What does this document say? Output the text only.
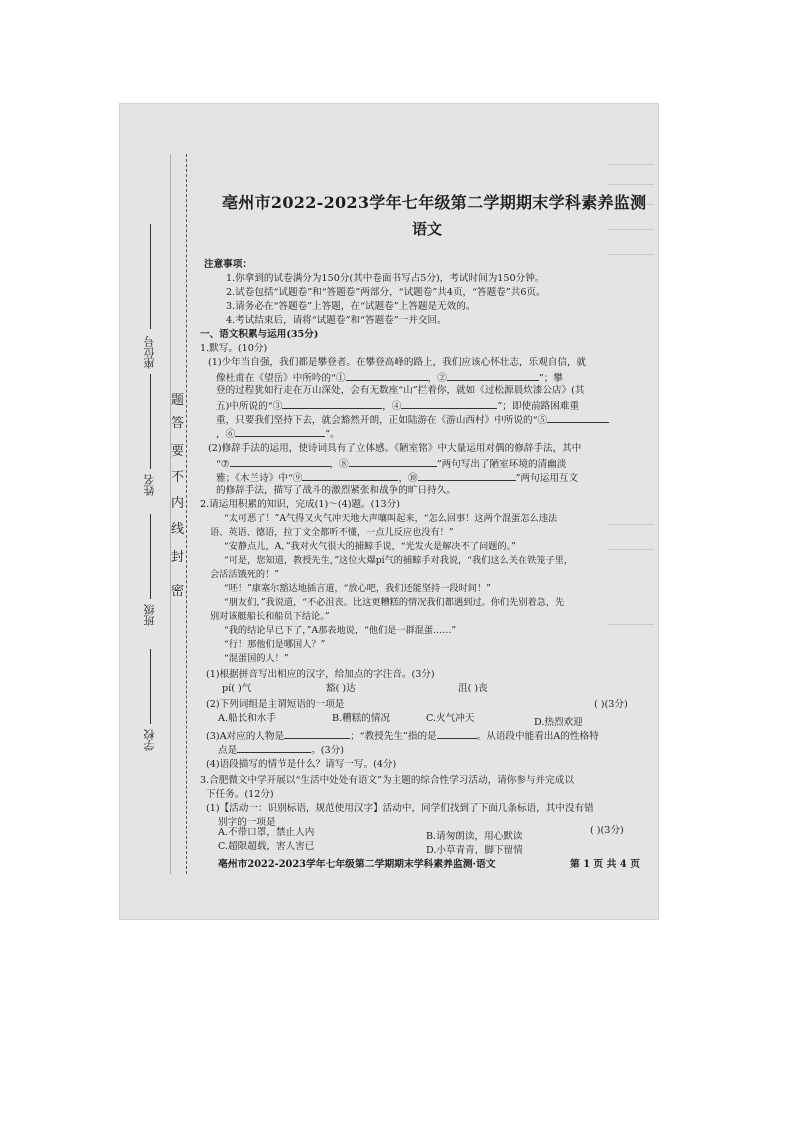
座位号
姓名
班级
学校
题
答
要
不
内
线
封
密
亳州市2022-2023学年七年级第二学期期末学科素养监测
语文
注意事项：
1.你拿到的试卷满分为150分(其中卷面书写占5分)，考试时间为150分钟。
2.试卷包括“试题卷”和“答题卷”两部分，“试题卷”共4页，“答题卷”共6页。
3.请务必在“答题卷”上答题，在“试题卷”上答题是无效的。
4.考试结束后，请将“试题卷”和“答题卷”一并交回。
一、语文积累与运用(35分)
1.默写。(10分)
(1)少年当自强，我们都是攀登者。在攀登高峰的路上，我们应该心怀壮志，乐观自信，就
像杜甫在《望岳》中所吟的“①	，②	”；攀
登的过程犹如行走在万山深处，会有无数座“山”拦着你，就如《过松源晨炊漆公店》(其
五)中所说的“③	，④	”；即使前路困难重
重，只要我们坚持下去，就会豁然开朗，正如陆游在《游山西村》中所说的“⑤
，⑥	”。
(2)修辞手法的运用，使诗词具有了立体感。《陋室铭》中大量运用对偶的修辞手法，其中
“⑦	，⑧	”两句写出了陋室环境的清幽淡
雅；《木兰诗》中“⑨	，⑩	”两句运用互文
的修辞手法，描写了战斗的激烈紧张和战争的旷日持久。
2.请运用积累的知识，完成(1)～(4)题。(13分)
“太可恶了！”A气得又火气冲天地大声嚷叫起来，“怎么回事！这两个混蛋怎么违法
语、英语、德语，拉丁文全都听不懂，一点儿反应也没有！”
“安静点儿，A，”我对火气很大的捕鲸手说，“光发火是解决不了问题的。”
“可是，您知道，教授先生，”这位火爆pí气的捕鲸手对我说，“我们这么关在铁笼子里，
会活活饿死的！”
“呸！”康塞尔豁达地插言道，“放心吧，我们还能坚持一段时间！”
“朋友们，”我说道，“不必沮丧。比这更糟糕的情况我们都遇到过。你们先别着急，先
别对该艇船长和船员下结论。”
“我的结论早已下了，”A那表地说，“他们是一群混蛋……”
“行！那他们是哪国人？”
“混蛋国的人！”
(1)根据拼音写出相应的汉字，给加点的字注音。(3分)
pí( )气	豁( )达	沮( )丧
(2)下列词组是主谓短语的一项是	( )(3分)
A.船长和水手	B.糟糕的情况	C.火气冲天	D.热烈欢迎
(3)A对应的人物是	；“教授先生”指的是	。从语段中能看出A的性格特
点是	。(3分)
(4)语段描写的情节是什么？请写一写。(4分)
3.合肥微文中学开展以“生活中处处有语文”为主题的综合性学习活动，请你参与并完成以
下任务。(12分)
(1)【活动一：识别标语，规范使用汉字】活动中，同学们找到了下面几条标语，其中没有错
别字的一项是
( )(3分)
A.不带口罩，禁止人内	B.请匆朗读，用心默读
C.超限超载，害人害已	D.小草青青，脚下留情
亳州市2022-2023学年七年级第二学期期末学科素养监测·语文	第 1 页 共 4 页
